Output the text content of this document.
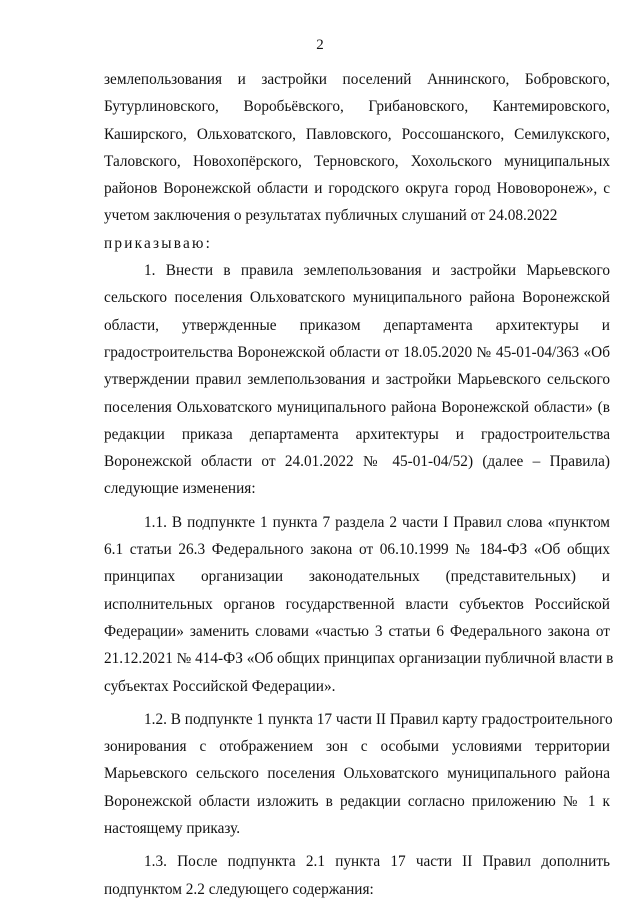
2
землепользования и застройки поселений Аннинского, Бобровского,
Бутурлиновского, Воробьёвского, Грибановского, Кантемировского,
Каширского, Ольховатского, Павловского, Россошанского, Семилукского,
Таловского, Новохопёрского, Терновского, Хохольского муниципальных
районов Воронежской области и городского округа город Нововоронеж», с
учетом заключения о результатах публичных слушаний от 24.08.2022
приказываю:
1. Внести в правила землепользования и застройки Марьевского
сельского поселения Ольховатского муниципального района Воронежской
области, утвержденные приказом департамента архитектуры и
градостроительства Воронежской области от 18.05.2020 № 45-01-04/363 «Об
утверждении правил землепользования и застройки Марьевского сельского
поселения Ольховатского муниципального района Воронежской области» (в
редакции приказа департамента архитектуры и градостроительства
Воронежской области от 24.01.2022 № 45-01-04/52) (далее – Правила)
следующие изменения:
1.1. В подпункте 1 пункта 7 раздела 2 части I Правил слова «пунктом
6.1 статьи 26.3 Федерального закона от 06.10.1999 № 184-ФЗ «Об общих
принципах организации законодательных (представительных) и
исполнительных органов государственной власти субъектов Российской
Федерации» заменить словами «частью 3 статьи 6 Федерального закона от
21.12.2021 № 414-ФЗ «Об общих принципах организации публичной власти в
субъектах Российской Федерации».
1.2. В подпункте 1 пункта 17 части II Правил карту градостроительного
зонирования с отображением зон с особыми условиями территории
Марьевского сельского поселения Ольховатского муниципального района
Воронежской области изложить в редакции согласно приложению № 1 к
настоящему приказу.
1.3. После подпункта 2.1 пункта 17 части II Правил дополнить
подпунктом 2.2 следующего содержания:
